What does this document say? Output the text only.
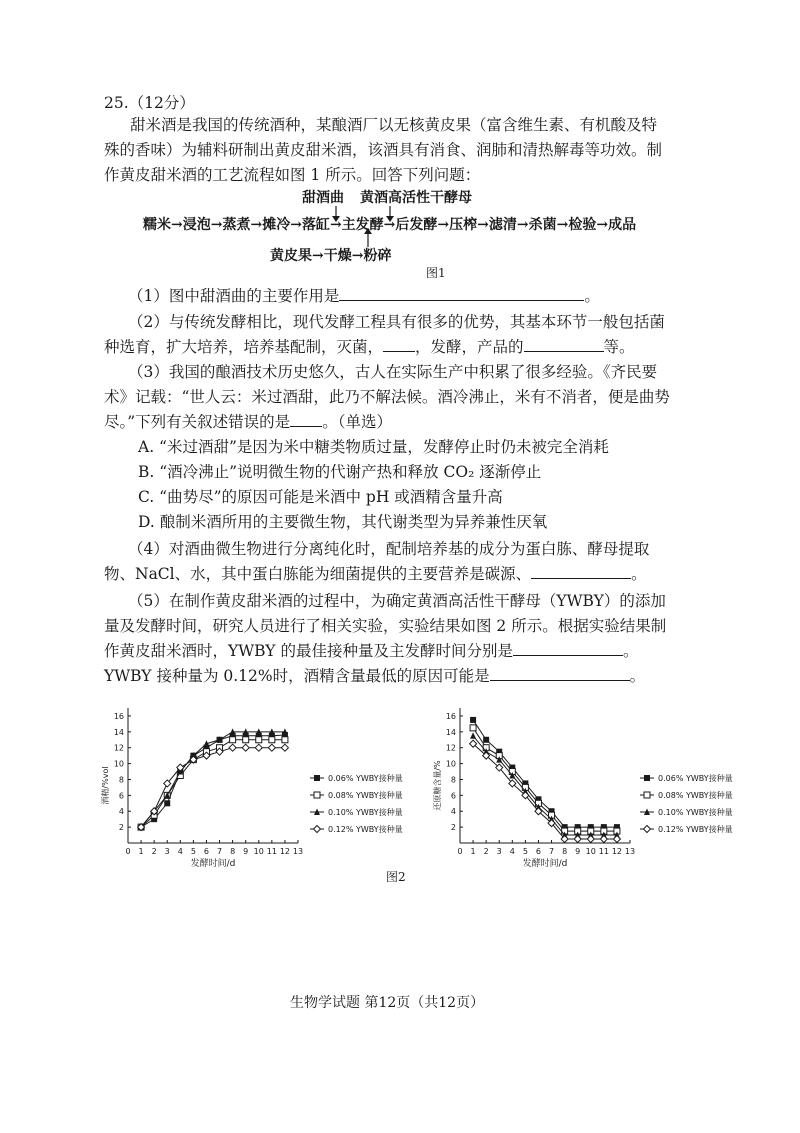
25.（12分）
甜米酒是我国的传统酒种，某酿酒厂以无核黄皮果（富含维生素、有机酸及特
殊的香味）为辅料研制出黄皮甜米酒，该酒具有消食、润肺和清热解毒等功效。制
作黄皮甜米酒的工艺流程如图 1 所示。回答下列问题：
甜酒曲 黄酒高活性干酵母
糯米→浸泡→蒸煮→摊冷→落缸→主发酵→后发酵→压榨→滤清→杀菌→检验→成品
黄皮果→干燥→粉碎
图1
（1）图中甜酒曲的主要作用是	。
（2）与传统发酵相比，现代发酵工程具有很多的优势，其基本环节一般包括菌
种选育，扩大培养，培养基配制，灭菌， ，发酵，产品的	等。
（3）我国的酿酒技术历史悠久，古人在实际生产中积累了很多经验。《齐民要
术》记载：“世人云：米过酒甜，此乃不解法候。酒冷沸止，米有不消者，便是曲势
尽。”下列有关叙述错误的是 。（单选）
A. “米过酒甜”是因为米中糖类物质过量，发酵停止时仍未被完全消耗
B. “酒冷沸止”说明微生物的代谢产热和释放 CO₂ 逐渐停止
C. “曲势尽”的原因可能是米酒中 pH 或酒精含量升高
D. 酿制米酒所用的主要微生物，其代谢类型为异养兼性厌氧
（4）对酒曲微生物进行分离纯化时，配制培养基的成分为蛋白胨、酵母提取
物、NaCl、水，其中蛋白胨能为细菌提供的主要营养是碳源、	。
（5）在制作黄皮甜米酒的过程中，为确定黄酒高活性干酵母（YWBY）的添加
量及发酵时间，研究人员进行了相关实验，实验结果如图 2 所示。根据实验结果制
作黄皮甜米酒时，YWBY 的最佳接种量及主发酵时间分别是	。
YWBY 接种量为 0.12%时，酒精含量最低的原因可能是	。
0 1 2 3 4 5 6 7 8 9 10 11 12 13
2
4
6
8
10
12
14
16
发酵时间/d
酒精/%vol	0.06% YWBY接种量
0.08% YWBY接种量
0.10% YWBY接种量
0.12% YWBY接种量
0 1 2 3 4 5 6 7 8 9 10 11 12 13
2
4
6
8
10
12
14
16
发酵时间/d
还原糖含量/%	0.06% YWBY接种量
0.08% YWBY接种量
0.10% YWBY接种量
0.12% YWBY接种量
图2
生物学试题 第12页（共12页）
